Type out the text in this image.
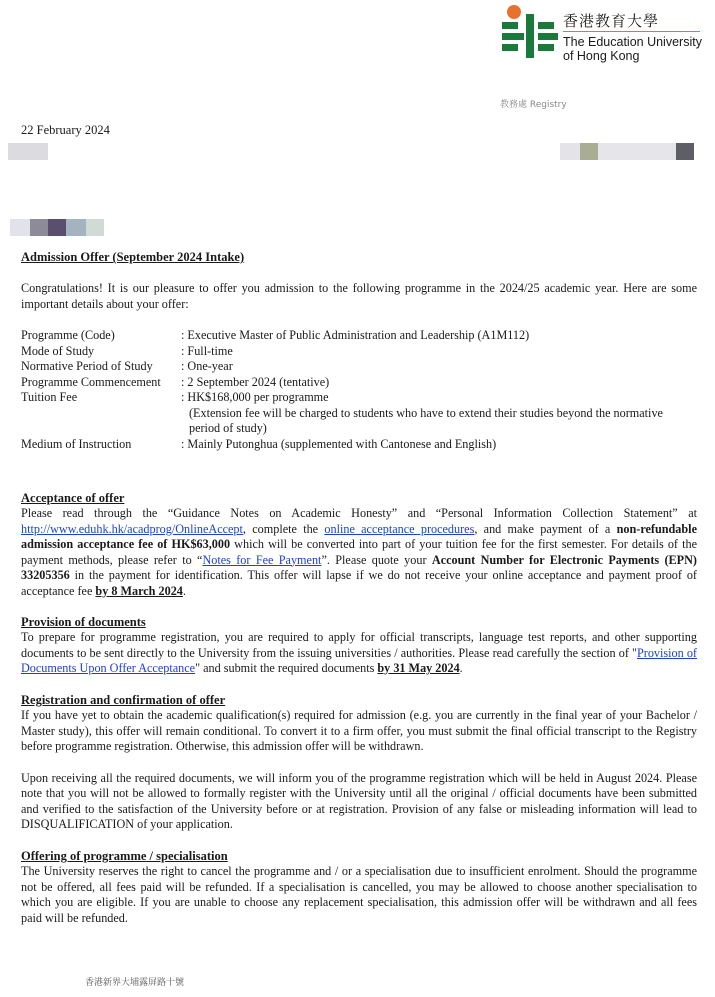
香港教育大學
The Education University
of Hong Kong
教務處 Registry
22 February 2024
Admission Offer (September 2024 Intake)

Congratulations! It is our pleasure to offer you admission to the following programme in the 2024/25 academic year. Here are some important details about your offer:

Programme (Code)	: Executive Master of Public Administration and Leadership (A1M112)
Mode of Study	: Full-time
Normative Period of Study	: One-year
Programme Commencement	: 2 September 2024 (tentative)
Tuition Fee	: HK$168,000 per programme
(Extension fee will be charged to students who have to extend their studies beyond the normative period of study)

Medium of Instruction	: Mainly Putonghua (supplemented with Cantonese and English)
Acceptance of offer

Please read through the “Guidance Notes on Academic Honesty” and “Personal Information Collection Statement” at http://www.eduhk.hk/acadprog/OnlineAccept, complete the online acceptance procedures, and make payment of a non-refundable admission acceptance fee of HK$63,000 which will be converted into part of your tuition fee for the first semester. For details of the payment methods, please refer to “Notes for Fee Payment”. Please quote your Account Number for Electronic Payments (EPN) 33205356 in the payment for identification. This offer will lapse if we do not receive your online acceptance and payment proof of acceptance fee by 8 March 2024.

Provision of documents

To prepare for programme registration, you are required to apply for official transcripts, language test reports, and other supporting documents to be sent directly to the University from the issuing universities / authorities. Please read carefully the section of "Provision of Documents Upon Offer Acceptance" and submit the required documents by 31 May 2024.

Registration and confirmation of offer

If you have yet to obtain the academic qualification(s) required for admission (e.g. you are currently in the final year of your Bachelor / Master study), this offer will remain conditional. To convert it to a firm offer, you must submit the final official transcript to the Registry before programme registration. Otherwise, this admission offer will be withdrawn.

Upon receiving all the required documents, we will inform you of the programme registration which will be held in August 2024. Please note that you will not be allowed to formally register with the University until all the original / official documents have been submitted and verified to the satisfaction of the University before or at registration. Provision of any false or misleading information will lead to DISQUALIFICATION of your application.

Offering of programme / specialisation

The University reserves the right to cancel the programme and / or a specialisation due to insufficient enrolment. Should the programme not be offered, all fees paid will be refunded. If a specialisation is cancelled, you may be allowed to choose another specialisation to which you are eligible. If you are unable to choose any replacement specialisation, this admission offer will be withdrawn and all fees paid will be refunded.

香港新界大埔露屏路十號
